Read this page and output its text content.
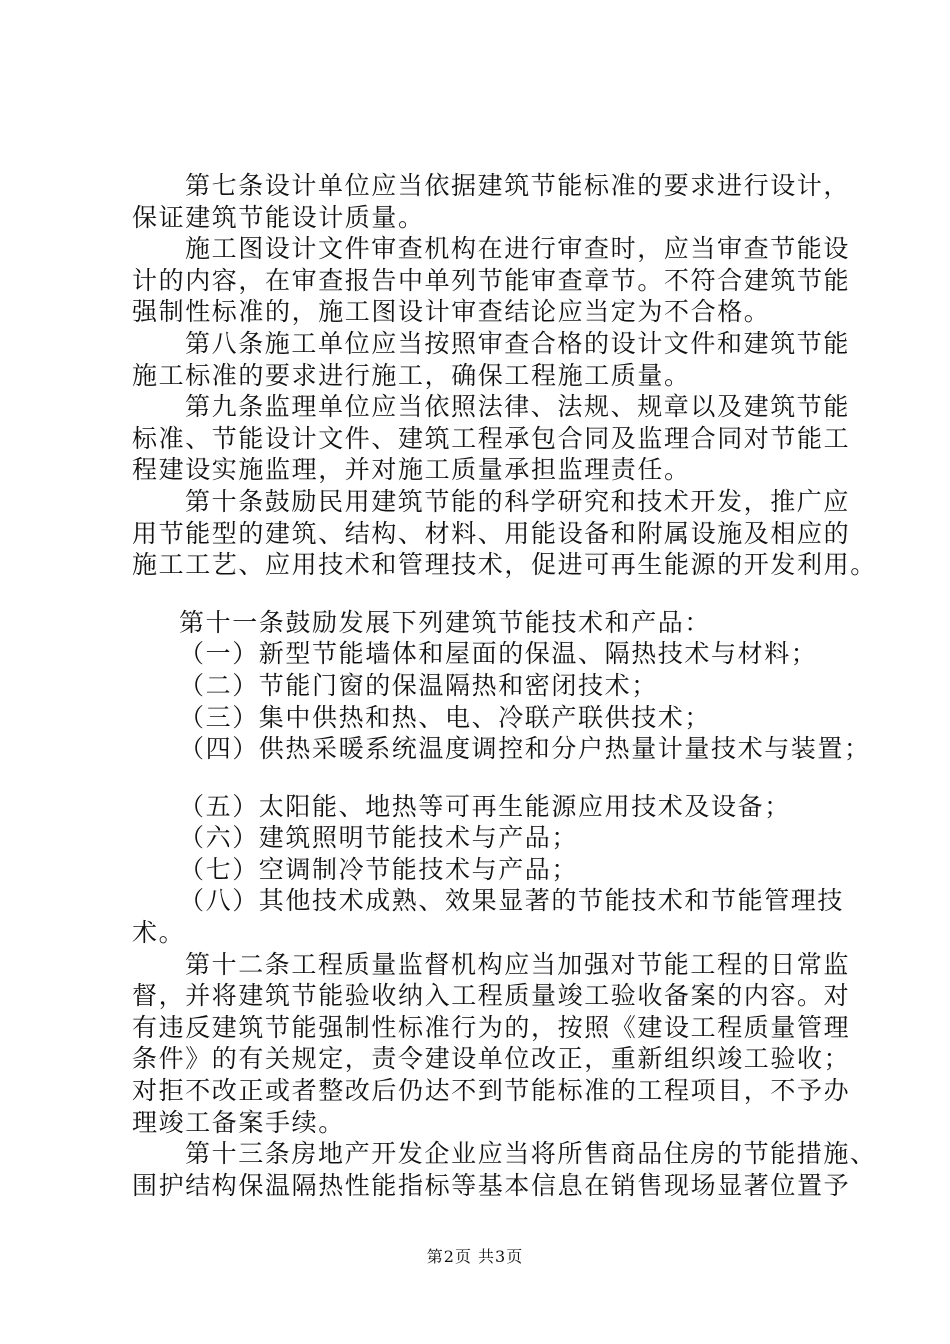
第七条设计单位应当依据建筑节能标准的要求进行设计，
保证建筑节能设计质量。
施工图设计文件审查机构在进行审查时，应当审查节能设
计的内容，在审查报告中单列节能审查章节。不符合建筑节能
强制性标准的，施工图设计审查结论应当定为不合格。
第八条施工单位应当按照审查合格的设计文件和建筑节能
施工标准的要求进行施工，确保工程施工质量。
第九条监理单位应当依照法律、法规、规章以及建筑节能
标准、节能设计文件、建筑工程承包合同及监理合同对节能工
程建设实施监理，并对施工质量承担监理责任。
第十条鼓励民用建筑节能的科学研究和技术开发，推广应
用节能型的建筑、结构、材料、用能设备和附属设施及相应的
施工工艺、应用技术和管理技术，促进可再生能源的开发利用。
第十一条鼓励发展下列建筑节能技术和产品：
（一）新型节能墙体和屋面的保温、隔热技术与材料；
（二）节能门窗的保温隔热和密闭技术；
（三）集中供热和热、电、冷联产联供技术；
（四）供热采暖系统温度调控和分户热量计量技术与装置；
（五）太阳能、地热等可再生能源应用技术及设备；
（六）建筑照明节能技术与产品；
（七）空调制冷节能技术与产品；
（八）其他技术成熟、效果显著的节能技术和节能管理技
术。
第十二条工程质量监督机构应当加强对节能工程的日常监
督，并将建筑节能验收纳入工程质量竣工验收备案的内容。对
有违反建筑节能强制性标准行为的，按照《建设工程质量管理
条件》的有关规定，责令建设单位改正，重新组织竣工验收；
对拒不改正或者整改后仍达不到节能标准的工程项目，不予办
理竣工备案手续。
第十三条房地产开发企业应当将所售商品住房的节能措施、
围护结构保温隔热性能指标等基本信息在销售现场显著位置予
第2页 共3页
